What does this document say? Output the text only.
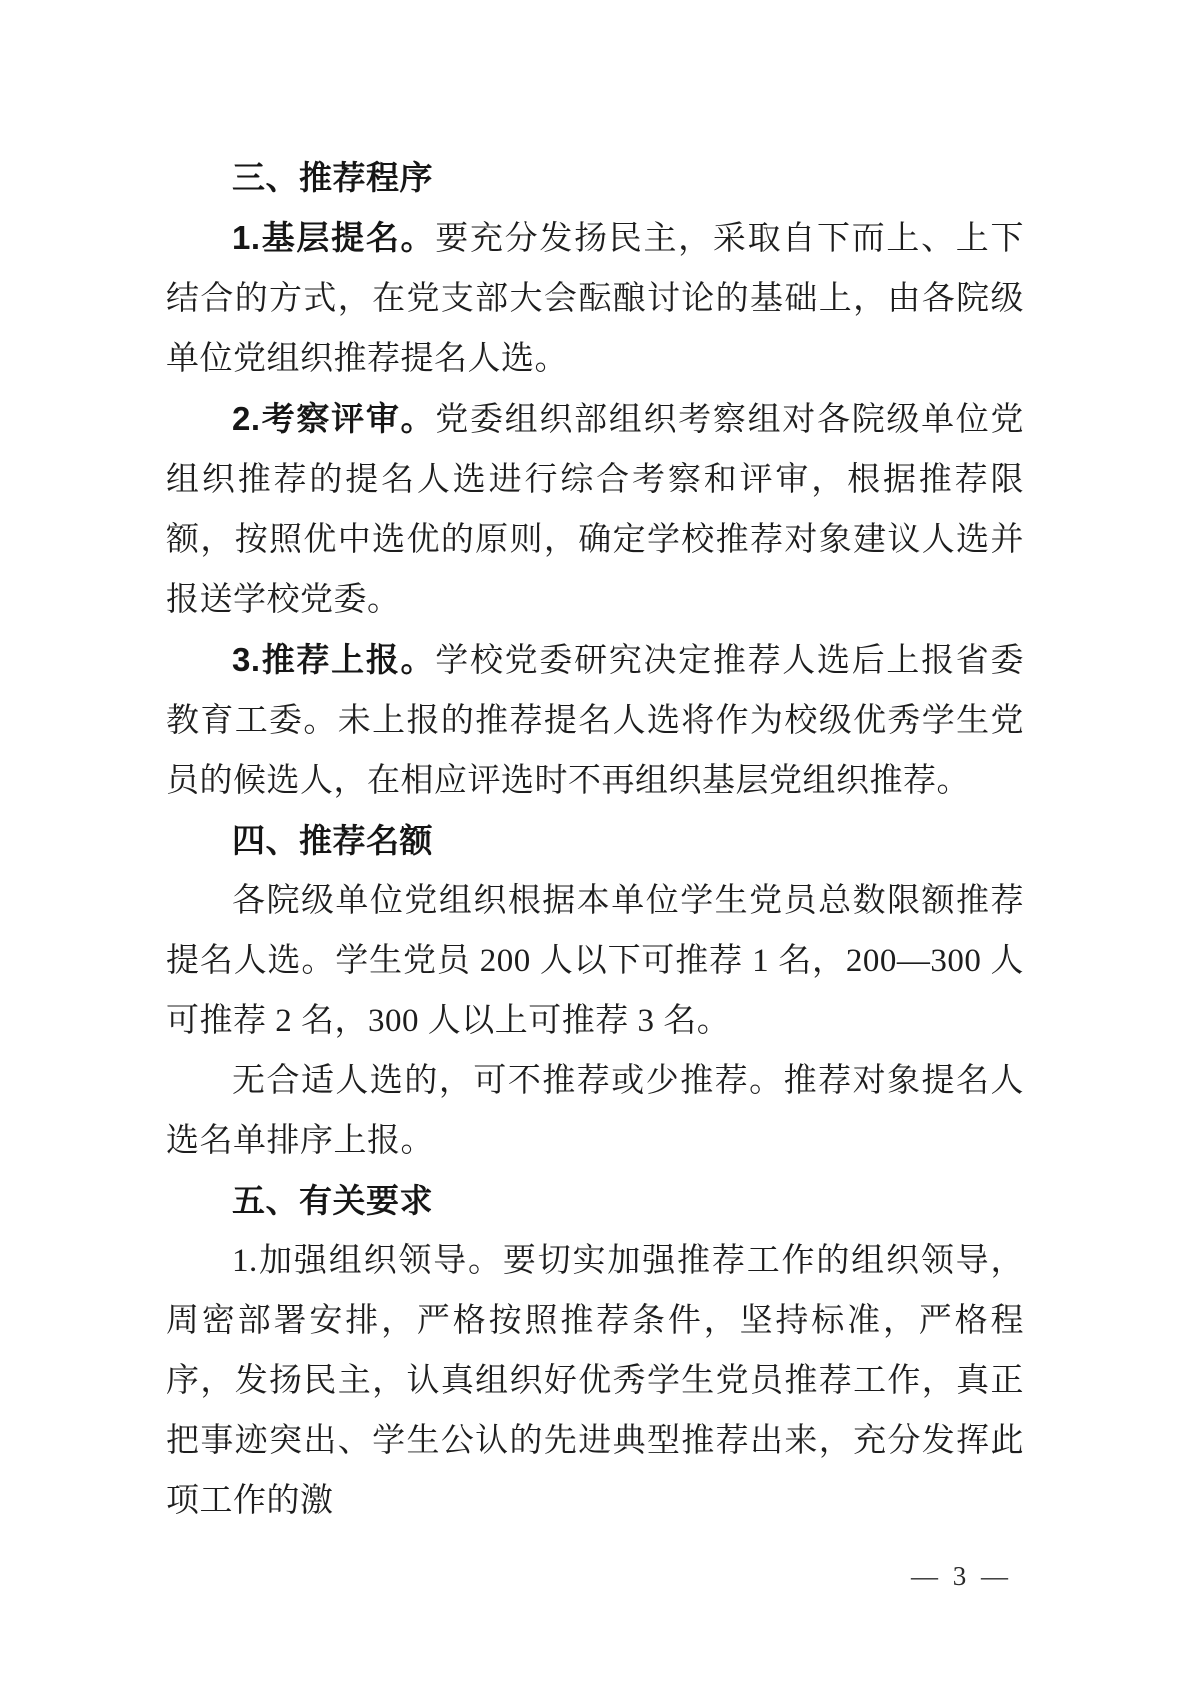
三、推荐程序

1.基层提名。要充分发扬民主，采取自下而上、上下结合的方式，在党支部大会酝酿讨论的基础上，由各院级单位党组织推荐提名人选。

2.考察评审。党委组织部组织考察组对各院级单位党组织推荐的提名人选进行综合考察和评审，根据推荐限额，按照优中选优的原则，确定学校推荐对象建议人选并报送学校党委。

3.推荐上报。学校党委研究决定推荐人选后上报省委教育工委。未上报的推荐提名人选将作为校级优秀学生党员的候选人，在相应评选时不再组织基层党组织推荐。

四、推荐名额

各院级单位党组织根据本单位学生党员总数限额推荐提名人选。学生党员 200 人以下可推荐 1 名，200—300 人可推荐 2 名，300 人以上可推荐 3 名。

无合适人选的，可不推荐或少推荐。推荐对象提名人选名单排序上报。

五、有关要求

1.加强组织领导。要切实加强推荐工作的组织领导，周密部署安排，严格按照推荐条件，坚持标准，严格程序，发扬民主，认真组织好优秀学生党员推荐工作，真正把事迹突出、学生公认的先进典型推荐出来，充分发挥此项工作的激

— 3 —
